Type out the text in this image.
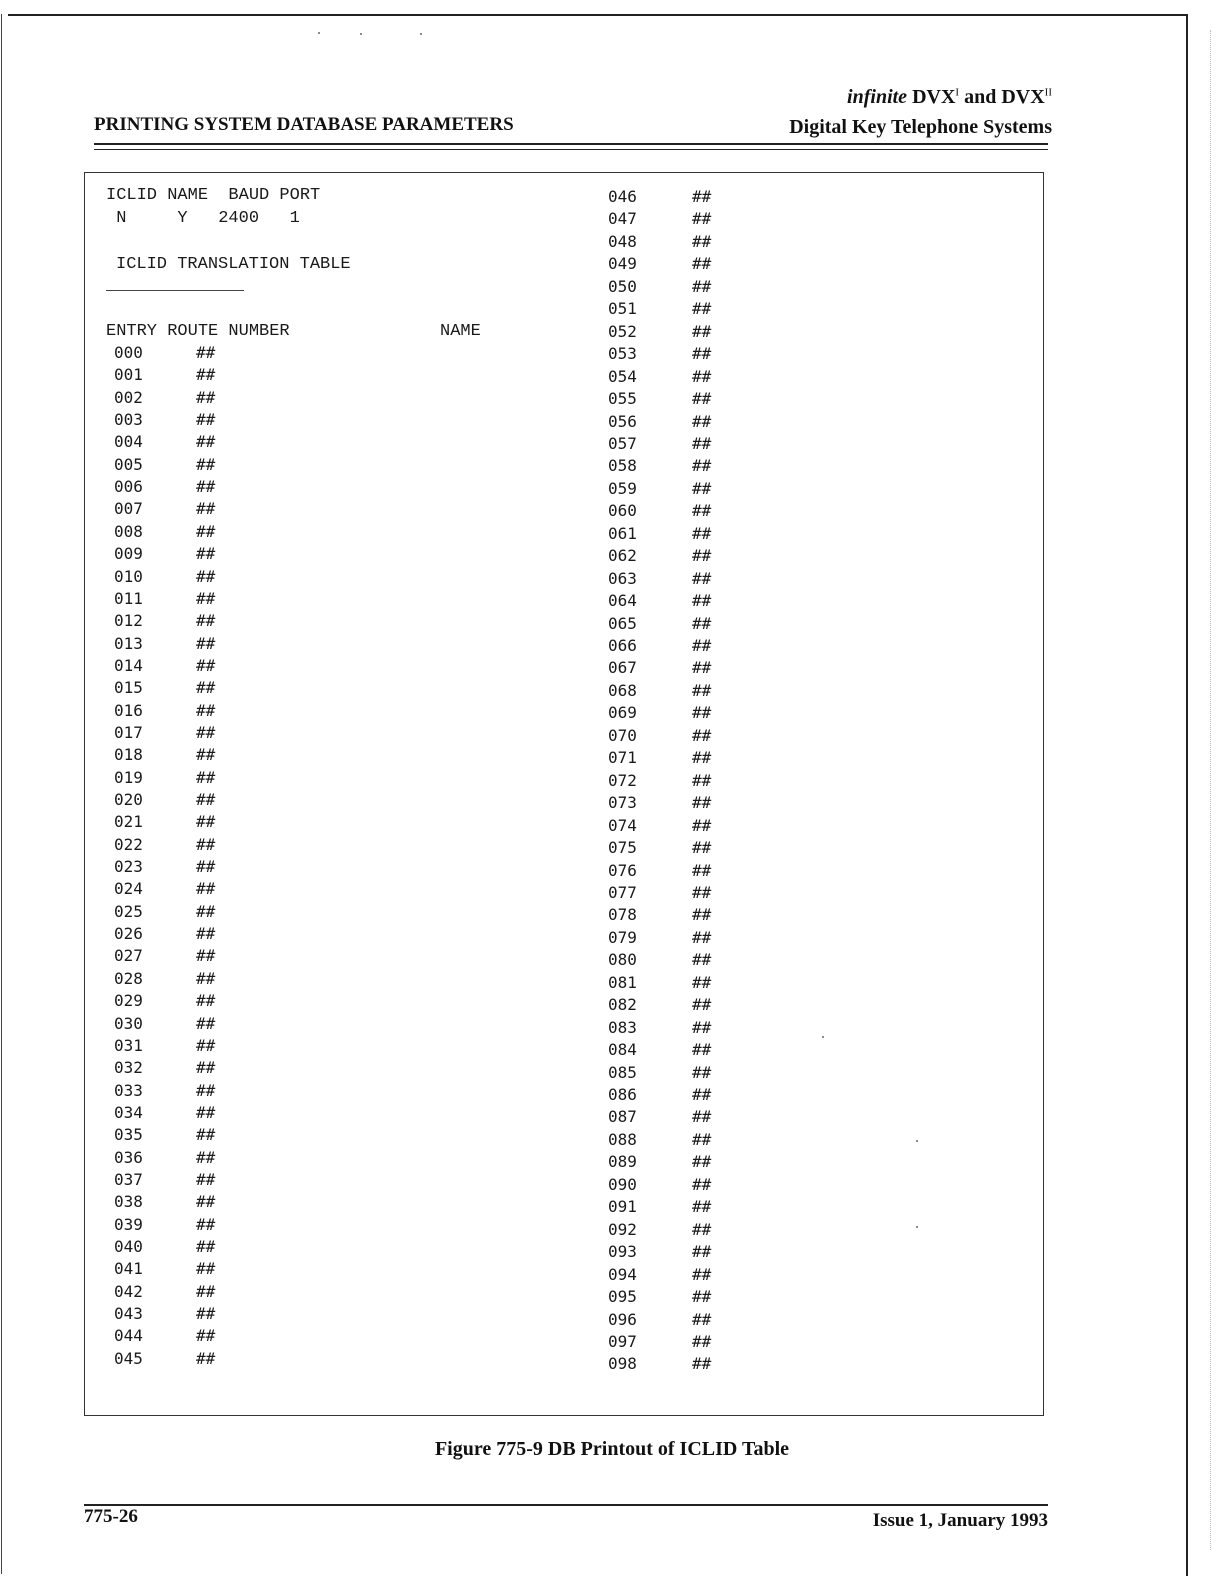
PRINTING SYSTEM DATABASE PARAMETERS
infinite $DVX^I$ and $DVX^{II}$
Digital Key Telephone Systems
ICLID NAME  BAUD PORT
N     Y   2400   1
ICLID TRANSLATION TABLE
ENTRY ROUTE NUMBER	NAME
000	##
001	##
002	##
003	##
004	##
005	##
006	##
007	##
008	##
009	##
010	##
011	##
012	##
013	##
014	##
015	##
016	##
017	##
018	##
019	##
020	##
021	##
022	##
023	##
024	##
025	##
026	##
027	##
028	##
029	##
030	##
031	##
032	##
033	##
034	##
035	##
036	##
037	##
038	##
039	##
040	##
041	##
042	##
043	##
044	##
045	##
046	##
047	##
048	##
049	##
050	##
051	##
052	##
053	##
054	##
055	##
056	##
057	##
058	##
059	##
060	##
061	##
062	##
063	##
064	##
065	##
066	##
067	##
068	##
069	##
070	##
071	##
072	##
073	##
074	##
075	##
076	##
077	##
078	##
079	##
080	##
081	##
082	##
083	##
084	##
085	##
086	##
087	##
088	##
089	##
090	##
091	##
092	##
093	##
094	##
095	##
096	##
097	##
098	##
Figure 775-9 DB Printout of ICLID Table
775-26	Issue 1, January 1993
